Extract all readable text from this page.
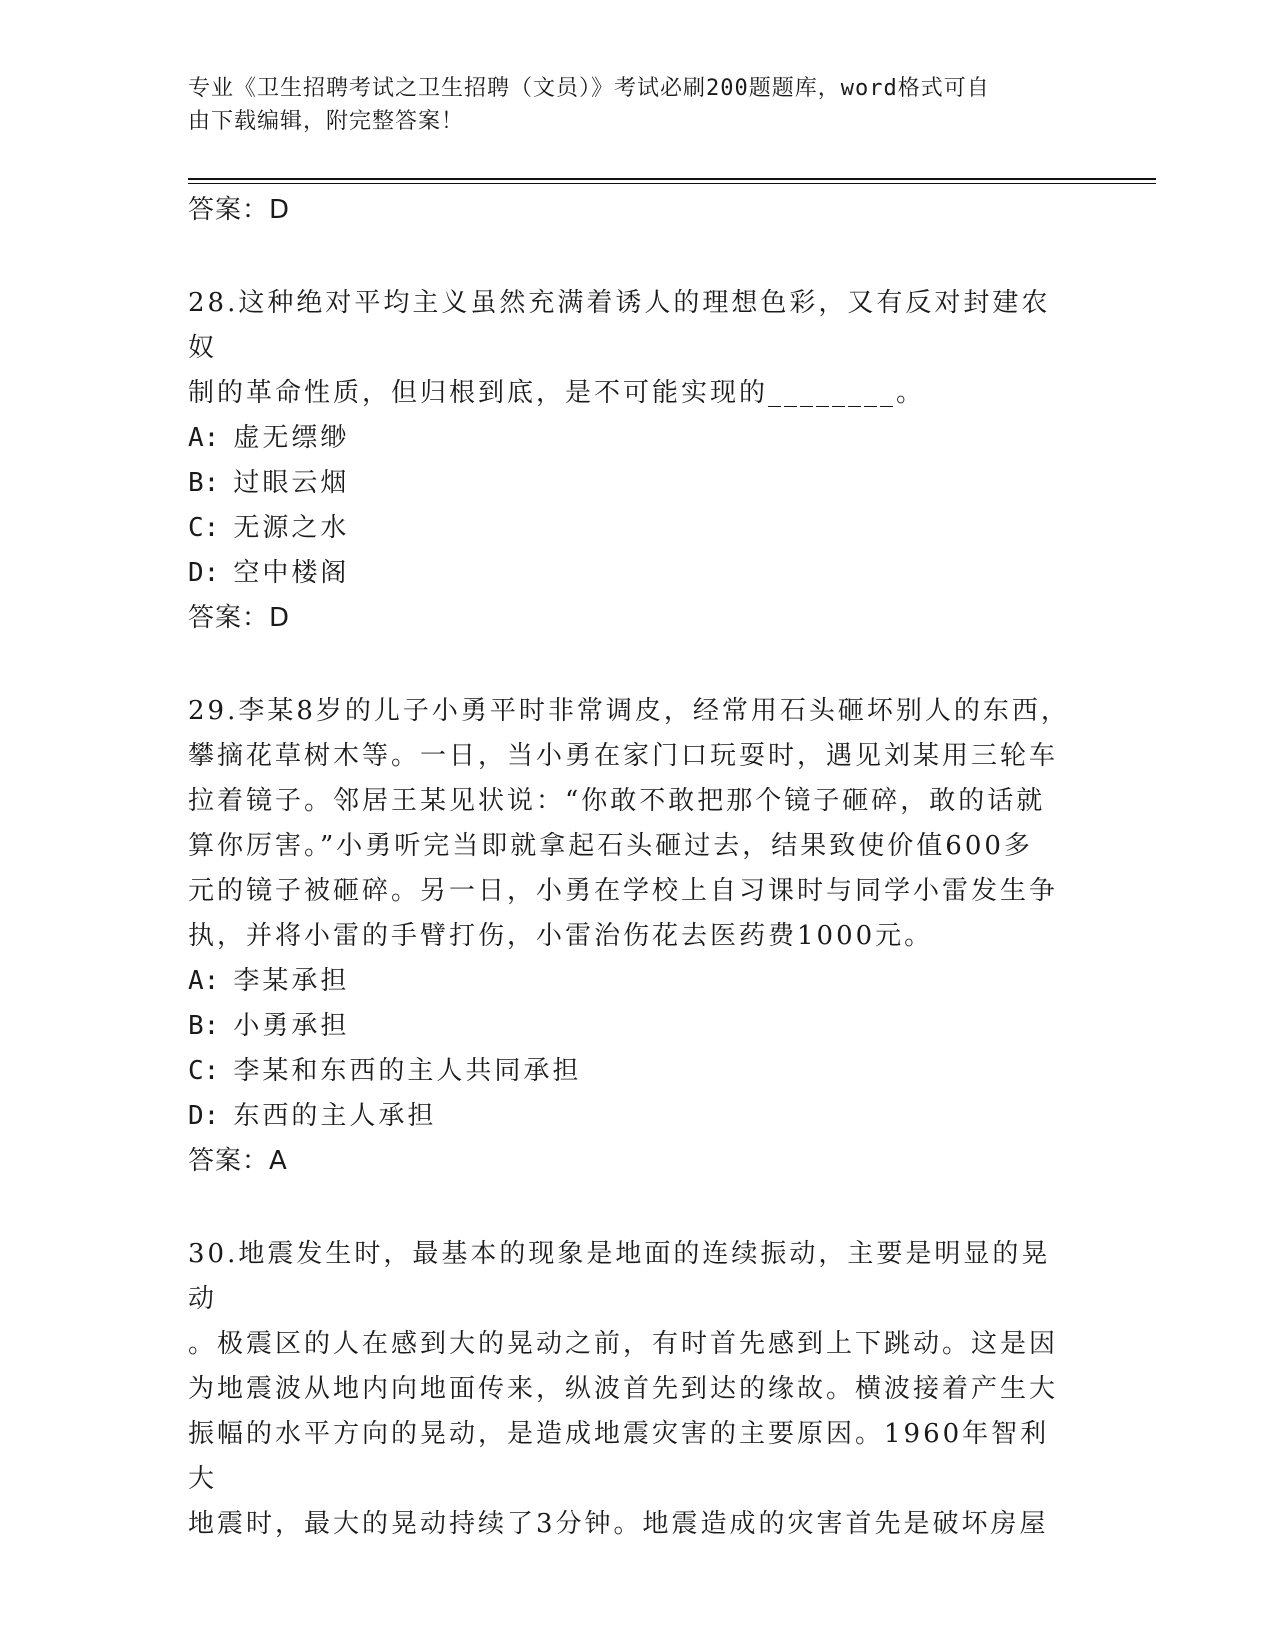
专业《卫生招聘考试之卫生招聘（文员）》考试必刷200题题库，word格式可自
由下载编辑，附完整答案！

答案：D

28.这种绝对平均主义虽然充满着诱人的理想色彩，又有反对封建农奴

制的革命性质，但归根到底，是不可能实现的________。

A: 虚无缥缈

B: 过眼云烟

C: 无源之水

D: 空中楼阁

答案：D

29.李某8岁的儿子小勇平时非常调皮，经常用石头砸坏别人的东西，

攀摘花草树木等。一日，当小勇在家门口玩耍时，遇见刘某用三轮车

拉着镜子。邻居王某见状说：“你敢不敢把那个镜子砸碎，敢的话就

算你厉害。”小勇听完当即就拿起石头砸过去，结果致使价值600多

元的镜子被砸碎。另一日，小勇在学校上自习课时与同学小雷发生争

执，并将小雷的手臂打伤，小雷治伤花去医药费1000元。

A: 李某承担

B: 小勇承担

C: 李某和东西的主人共同承担

D: 东西的主人承担

答案：A

30.地震发生时，最基本的现象是地面的连续振动，主要是明显的晃动

。极震区的人在感到大的晃动之前，有时首先感到上下跳动。这是因

为地震波从地内向地面传来，纵波首先到达的缘故。横波接着产生大

振幅的水平方向的晃动，是造成地震灾害的主要原因。1960年智利大

地震时，最大的晃动持续了3分钟。地震造成的灾害首先是破坏房屋
